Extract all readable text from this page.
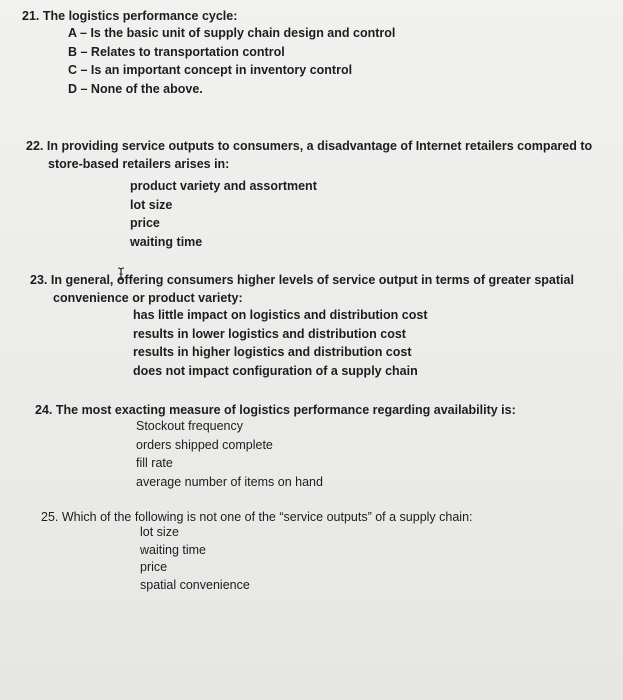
21. The logistics performance cycle:
A – Is the basic unit of supply chain design and control
B – Relates to transportation control
C – Is an important concept in inventory control
D – None of the above.
22. In providing service outputs to consumers, a disadvantage of Internet retailers compared to
store-based retailers arises in:
product variety and assortment
lot size
price
waiting time
23. In general, offering consumers higher levels of service output in terms of greater spatial
convenience or product variety:
has little impact on logistics and distribution cost
results in lower logistics and distribution cost
results in higher logistics and distribution cost
does not impact configuration of a supply chain
24. The most exacting measure of logistics performance regarding availability is:
Stockout frequency
orders shipped complete
fill rate
average number of items on hand
25. Which of the following is not one of the “service outputs” of a supply chain:
lot size
waiting time
price
spatial convenience
